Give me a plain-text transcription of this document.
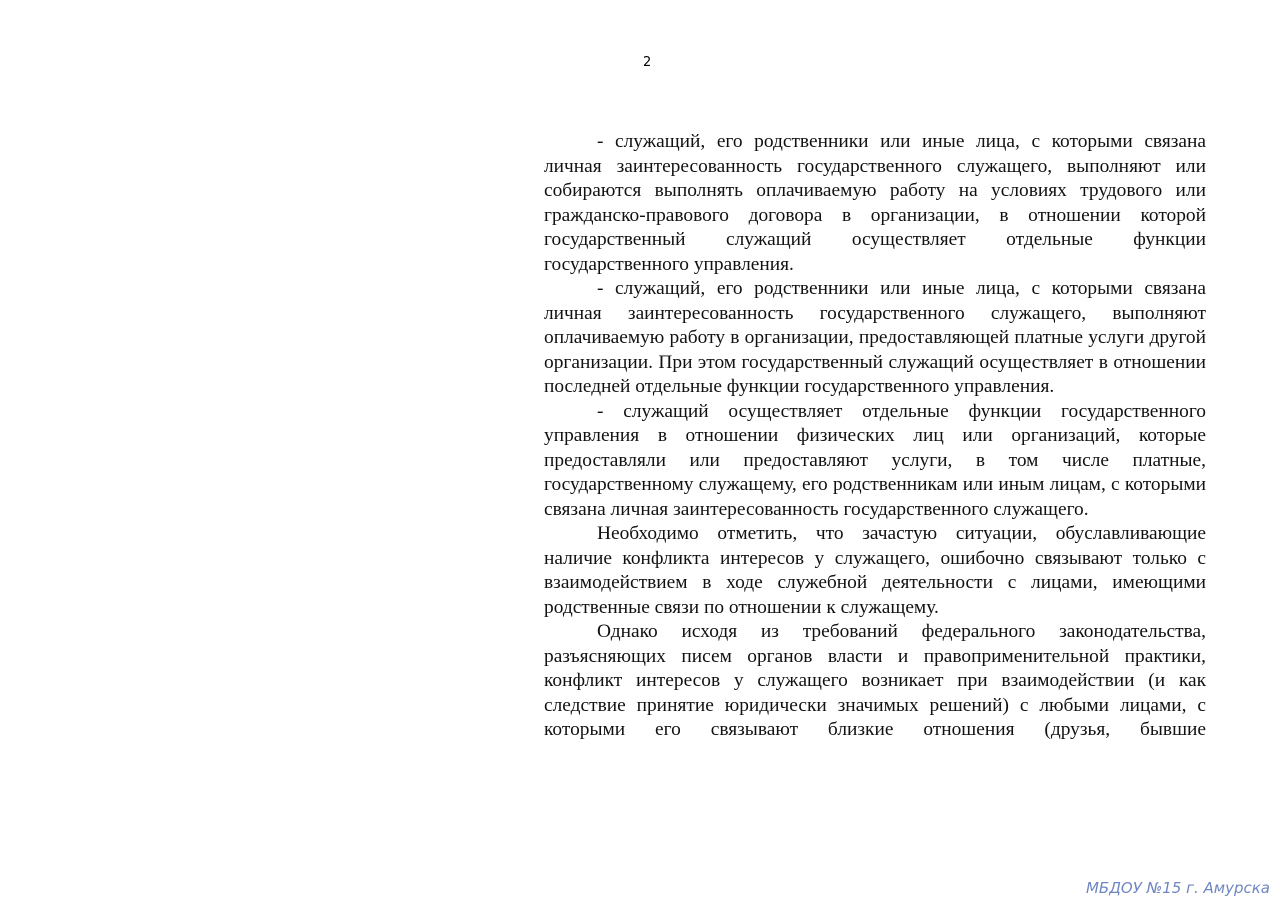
2

- служащий, его родственники или иные лица, с которыми связана личная заинтересованность государственного служащего, выполняют или собираются выполнять оплачиваемую работу на условиях трудового или гражданско-правового договора в организации, в отношении которой государственный служащий осуществляет отдельные функции государственного управления.

- служащий, его родственники или иные лица, с которыми связана личная заинтересованность государственного служащего, выполняют оплачиваемую работу в организации, предоставляющей платные услуги другой организации. При этом государственный служащий осуществляет в отношении последней отдельные функции государственного управления.

- служащий осуществляет отдельные функции государственного управления в отношении физических лиц или организаций, которые предоставляли или предоставляют услуги, в том числе платные, государственному служащему, его родственникам или иным лицам, с которыми связана личная заинтересованность государственного служащего.

Необходимо отметить, что зачастую ситуации, обуславливающие наличие конфликта интересов у служащего, ошибочно связывают только с взаимодействием в ходе служебной деятельности с лицами, имеющими родственные связи по отношении к служащему.

Однако исходя из требований федерального законодательства, разъясняющих писем органов власти и правоприменительной практики, конфликт интересов у служащего возникает при взаимодействии (и как следствие принятие юридически значимых решений) с любыми лицами, с которыми его связывают близкие отношения (друзья, бывшие

МБДОУ №15 г. Амурска
